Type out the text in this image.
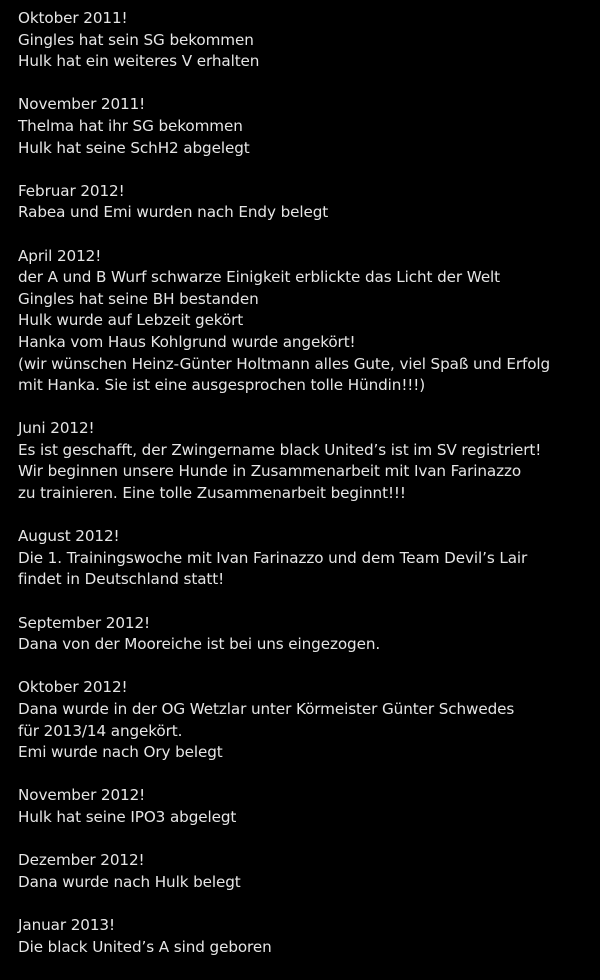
Oktober 2011!
Gingles hat sein SG bekommen
Hulk hat ein weiteres V erhalten
November 2011!
Thelma hat ihr SG bekommen
Hulk hat seine SchH2 abgelegt
Februar 2012!
Rabea und Emi wurden nach Endy belegt
April 2012!
der A und B Wurf schwarze Einigkeit erblickte das Licht der Welt
Gingles hat seine BH bestanden
Hulk wurde auf Lebzeit gekört
Hanka vom Haus Kohlgrund wurde angekört!
(wir wünschen Heinz-Günter Holtmann alles Gute, viel Spaß und Erfolg
mit Hanka. Sie ist eine ausgesprochen tolle Hündin!!!)
Juni 2012!
Es ist geschafft, der Zwingername black United’s ist im SV registriert!
Wir beginnen unsere Hunde in Zusammenarbeit mit Ivan Farinazzo
zu trainieren. Eine tolle Zusammenarbeit beginnt!!!
August 2012!
Die 1. Trainingswoche mit Ivan Farinazzo und dem Team Devil’s Lair
findet in Deutschland statt!
September 2012!
Dana von der Mooreiche ist bei uns eingezogen.
Oktober 2012!
Dana wurde in der OG Wetzlar unter Körmeister Günter Schwedes
für 2013/14 angekört.
Emi wurde nach Ory belegt
November 2012!
Hulk hat seine IPO3 abgelegt
Dezember 2012!
Dana wurde nach Hulk belegt
Januar 2013!
Die black United’s A sind geboren
